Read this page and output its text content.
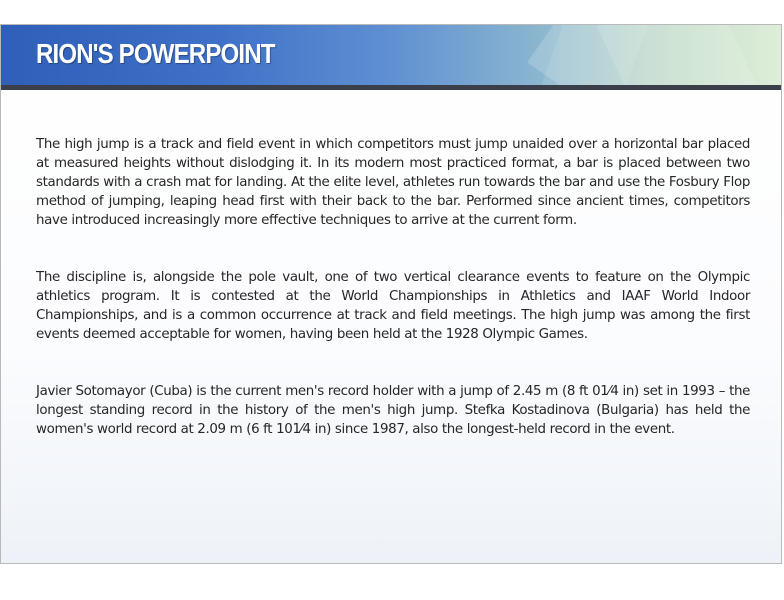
RION'S POWERPOINT

The high jump is a track and field event in which competitors must jump unaided over a horizontal bar placed at measured heights without dislodging it. In its modern most practiced format, a bar is placed between two standards with a crash mat for landing. At the elite level, athletes run towards the bar and use the Fosbury Flop method of jumping, leaping head first with their back to the bar. Performed since ancient times, competitors have introduced increasingly more effective techniques to arrive at the current form.

The discipline is, alongside the pole vault, one of two vertical clearance events to feature on the Olympic athletics program. It is contested at the World Championships in Athletics and IAAF World Indoor Championships, and is a common occurrence at track and field meetings. The high jump was among the first events deemed acceptable for women, having been held at the 1928 Olympic Games.

Javier Sotomayor (Cuba) is the current men's record holder with a jump of 2.45 m (8 ft 01⁄4 in) set in 1993 – the longest standing record in the history of the men's high jump. Stefka Kostadinova (Bulgaria) has held the women's world record at 2.09 m (6 ft 101⁄4 in) since 1987, also the longest-held record in the event.
